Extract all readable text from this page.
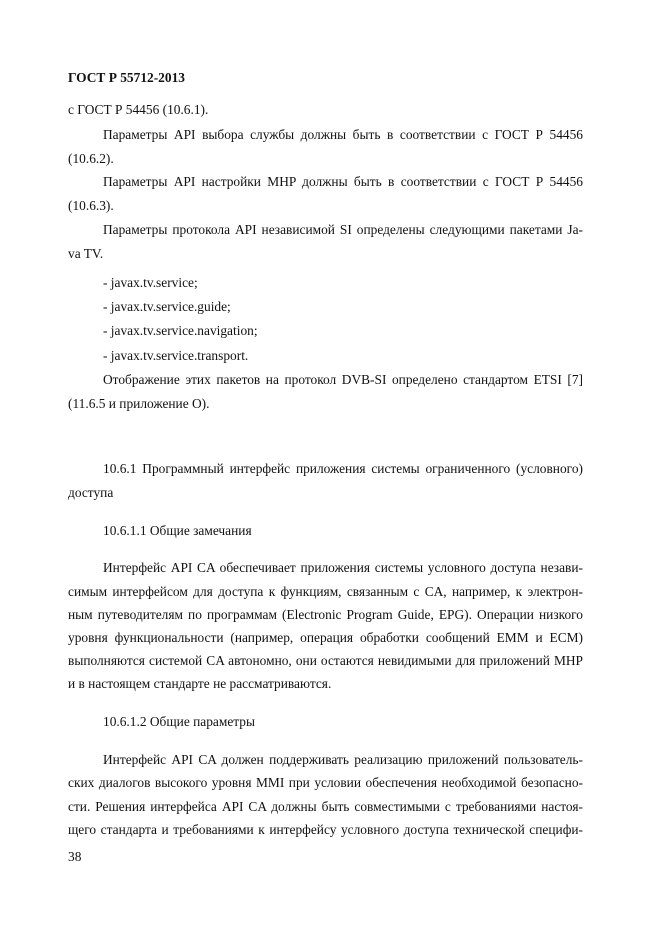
ГОСТ Р 55712-2013
с ГОСТ Р 54456 (10.6.1).
Параметры API выбора службы должны быть в соответствии с ГОСТ Р 54456
(10.6.2).
Параметры API настройки MHP должны быть в соответствии с ГОСТ Р 54456
(10.6.3).
Параметры протокола API независимой SI определены следующими пакетами Ja-
va TV.
- javax.tv.service;
- javax.tv.service.guide;
- javax.tv.service.navigation;
- javax.tv.service.transport.
Отображение этих пакетов на протокол DVB-SI определено стандартом ETSI [7]
(11.6.5 и приложение О).
10.6.1 Программный интерфейс приложения системы ограниченного (условного)
доступа
10.6.1.1 Общие замечания
Интерфейс API CA обеспечивает приложения системы условного доступа незави-
симым интерфейсом для доступа к функциям, связанным с CA, например, к электрон-
ным путеводителям по программам (Electronic Program Guide, EPG). Операции низкого
уровня функциональности (например, операция обработки сообщений EMM и ECM)
выполняются системой CA автономно, они остаются невидимыми для приложений MHP
и в настоящем стандарте не рассматриваются.
10.6.1.2 Общие параметры
Интерфейс API CA должен поддерживать реализацию приложений пользователь-
ских диалогов высокого уровня MMI при условии обеспечения необходимой безопасно-
сти. Решения интерфейса API CA должны быть совместимыми с требованиями настоя-
щего стандарта и требованиями к интерфейсу условного доступа технической специфи-
38
